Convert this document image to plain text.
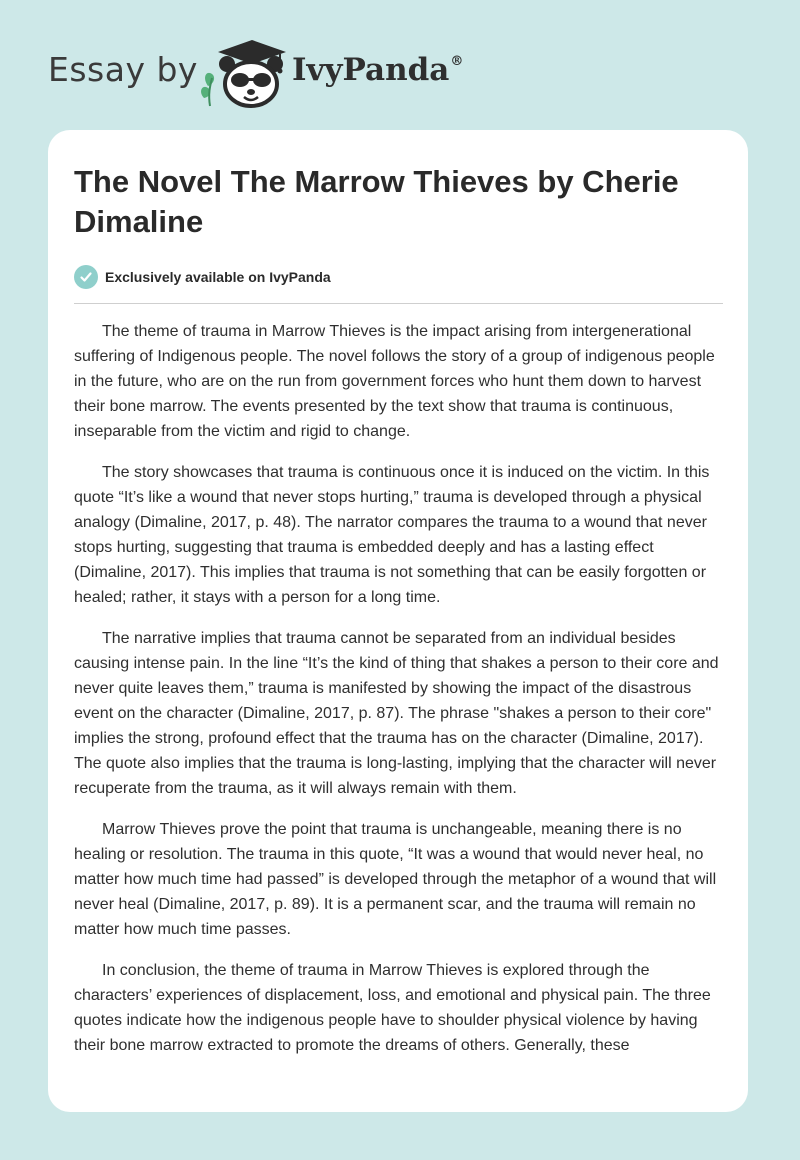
Essay by	IvyPanda®
The Novel The Marrow Thieves by Cherie Dimaline
Exclusively available on IvyPanda

The theme of trauma in Marrow Thieves is the impact arising from intergenerational suffering of Indigenous people. The novel follows the story of a group of indigenous people in the future, who are on the run from government forces who hunt them down to harvest their bone marrow. The events presented by the text show that trauma is continuous, inseparable from the victim and rigid to change.

The story showcases that trauma is continuous once it is induced on the victim. In this quote “It’s like a wound that never stops hurting,” trauma is developed through a physical analogy (Dimaline, 2017, p. 48). The narrator compares the trauma to a wound that never stops hurting, suggesting that trauma is embedded deeply and has a lasting effect (Dimaline, 2017). This implies that trauma is not something that can be easily forgotten or healed; rather, it stays with a person for a long time.

The narrative implies that trauma cannot be separated from an individual besides causing intense pain. In the line “It’s the kind of thing that shakes a person to their core and never quite leaves them,” trauma is manifested by showing the impact of the disastrous event on the character (Dimaline, 2017, p. 87). The phrase "shakes a person to their core" implies the strong, profound effect that the trauma has on the character (Dimaline, 2017). The quote also implies that the trauma is long-lasting, implying that the character will never recuperate from the trauma, as it will always remain with them.

Marrow Thieves prove the point that trauma is unchangeable, meaning there is no healing or resolution. The trauma in this quote, “It was a wound that would never heal, no matter how much time had passed” is developed through the metaphor of a wound that will never heal (Dimaline, 2017, p. 89). It is a permanent scar, and the trauma will remain no matter how much time passes.

In conclusion, the theme of trauma in Marrow Thieves is explored through the characters’ experiences of displacement, loss, and emotional and physical pain. The three quotes indicate how the indigenous people have to shoulder physical violence by having their bone marrow extracted to promote the dreams of others. Generally, these
